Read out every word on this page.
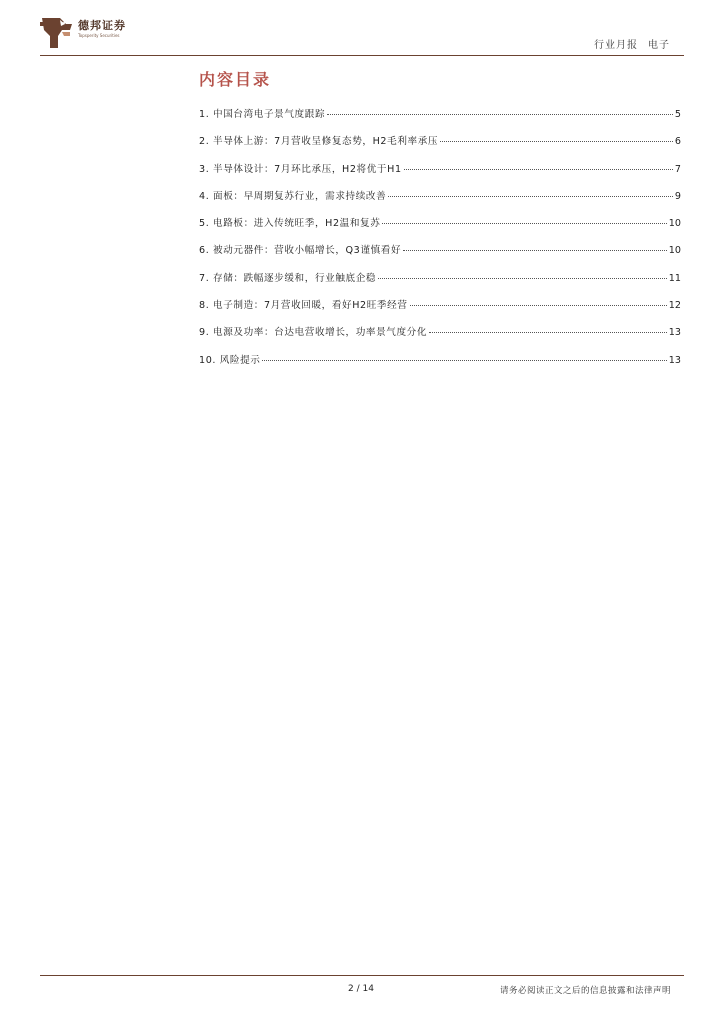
德邦证券
Topsperity Securities
行业月报 电子
内容目录
1. 中国台湾电子景气度跟踪	5
2. 半导体上游：7月营收呈修复态势，H2毛利率承压	6
3. 半导体设计：7月环比承压，H2将优于H1	7
4. 面板：早周期复苏行业，需求持续改善	9
5. 电路板：进入传统旺季，H2温和复苏	10
6. 被动元器件：营收小幅增长，Q3谨慎看好	10
7. 存储：跌幅逐步缓和，行业触底企稳	11
8. 电子制造：7月营收回暖，看好H2旺季经营	12
9. 电源及功率：台达电营收增长，功率景气度分化	13
10. 风险提示	13
2 / 14	请务必阅读正文之后的信息披露和法律声明
